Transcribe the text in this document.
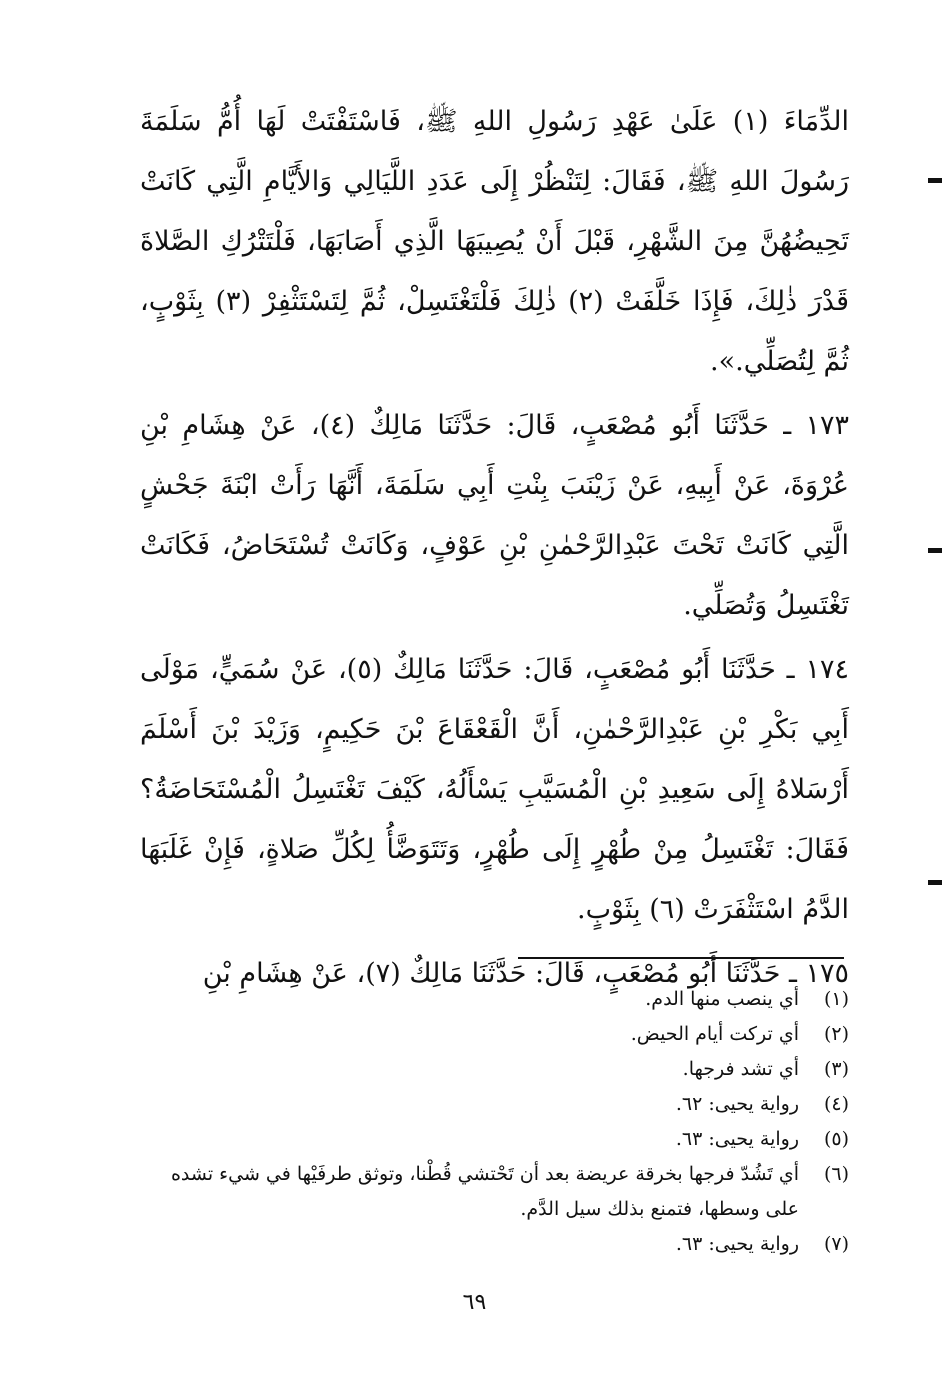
الدِّمَاءَ (١) عَلَىٰ عَهْدِ رَسُولِ اللهِ ﷺ، فَاسْتَفْتَتْ لَهَا أُمُّ سَلَمَةَ رَسُولَ اللهِ ﷺ، فَقَالَ: لِتَنْظُرْ إِلَى عَدَدِ اللَّيَالِي وَالأَيَّامِ الَّتِي كَانَتْ تَحِيضُهُنَّ مِنَ الشَّهْرِ، قَبْلَ أَنْ يُصِيبَهَا الَّذِي أَصَابَهَا، فَلْتَتْرُكِ الصَّلاةَ قَدْرَ ذٰلِكَ، فَإِذَا خَلَّفَتْ (٢) ذٰلِكَ فَلْتَغْتَسِلْ، ثُمَّ لِتَسْتَثْفِرْ (٣) بِثَوْبٍ، ثُمَّ لِتُصَلِّي.».

١٧٣ ـ حَدَّثَنَا أَبُو مُصْعَبٍ، قَالَ: حَدَّثَنَا مَالِكٌ (٤)، عَنْ هِشَامِ بْنِ عُرْوَةَ، عَنْ أَبِيهِ، عَنْ زَيْنَبَ بِنْتِ أَبِي سَلَمَةَ، أَنَّهَا رَأَتْ ابْنَةَ جَحْشٍ الَّتِي كَانَتْ تَحْتَ عَبْدِالرَّحْمٰنِ بْنِ عَوْفٍ، وَكَانَتْ تُسْتَحَاضُ، فَكَانَتْ تَغْتَسِلُ وَتُصَلِّي.

١٧٤ ـ حَدَّثَنَا أَبُو مُصْعَبٍ، قَالَ: حَدَّثَنَا مَالِكٌ (٥)، عَنْ سُمَيٍّ، مَوْلَى أَبِي بَكْرِ بْنِ عَبْدِالرَّحْمٰنِ، أَنَّ الْقَعْقَاعَ بْنَ حَكِيمٍ، وَزَيْدَ بْنَ أَسْلَمَ أَرْسَلاهُ إِلَى سَعِيدِ بْنِ الْمُسَيَّبِ يَسْأَلُهُ، كَيْفَ تَغْتَسِلُ الْمُسْتَحَاضَةُ؟ فَقَالَ: تَغْتَسِلُ مِنْ طُهْرٍ إِلَى طُهْرٍ، وَتَتَوَضَّأُ لِكُلِّ صَلاةٍ، فَإِنْ غَلَبَهَا الدَّمُ اسْتَثْفَرَتْ (٦) بِثَوْبٍ.

١٧٥ ـ حَدَّثَنَا أَبُو مُصْعَبٍ، قَالَ: حَدَّثَنَا مَالِكٌ (٧)، عَنْ هِشَامِ بْنِ

(١)
أي ينصب منها الدم.
(٢)
أي تركت أيام الحيض.
(٣)
أي تشد فرجها.
(٤)
رواية يحيى: ٦٢.
(٥)
رواية يحيى: ٦٣.
(٦)
أي تَشُدّ فرجها بخرقة عريضة بعد أن تَحْتشي قُطْنا، وتوثق طرفَيْها في شيء تشده على وسطها، فتمنع بذلك سيل الدَّم.
(٧)
رواية يحيى: ٦٣.
٦٩
